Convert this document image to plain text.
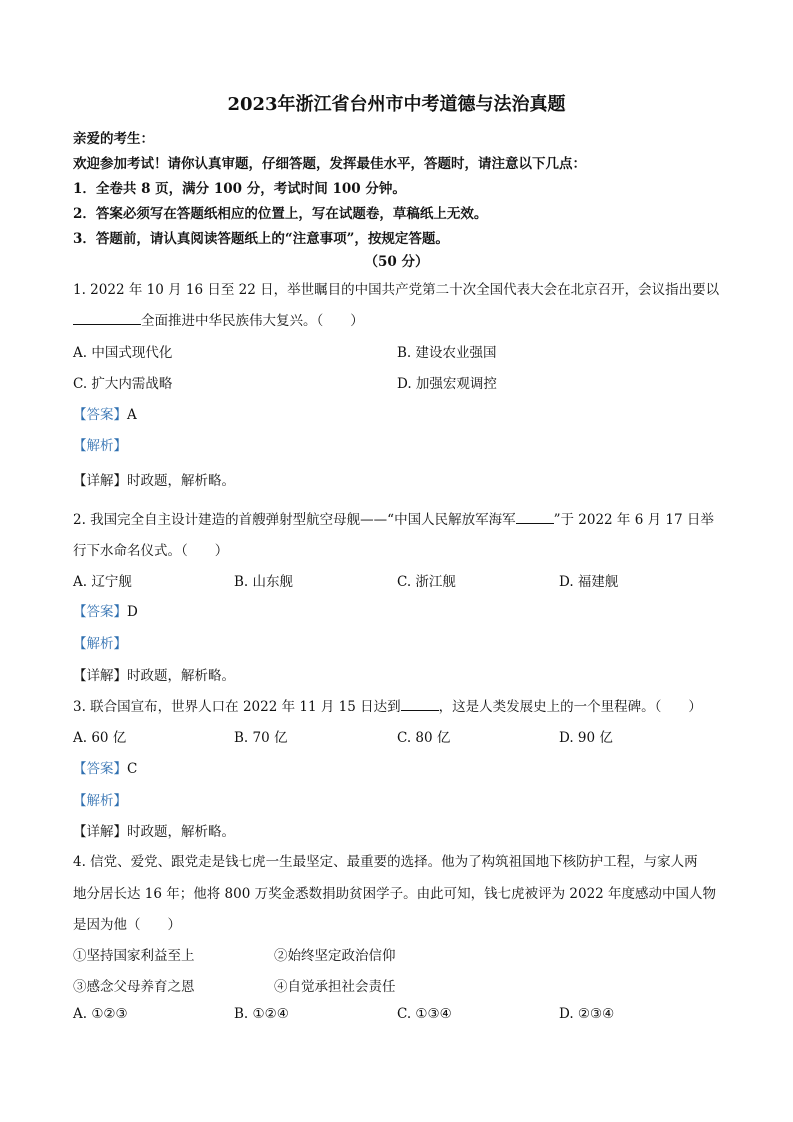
2023年浙江省台州市中考道德与法治真题
亲爱的考生：
欢迎参加考试！请你认真审题，仔细答题，发挥最佳水平，答题时，请注意以下几点：
1．全卷共 8 页，满分 100 分，考试时间 100 分钟。
2．答案必须写在答题纸相应的位置上，写在试题卷，草稿纸上无效。
3．答题前，请认真阅读答题纸上的“注意事项”，按规定答题。
（50 分）
1. 2022 年 10 月 16 日至 22 日，举世瞩目的中国共产党第二十次全国代表大会在北京召开，会议指出要以
全面推进中华民族伟大复兴。（　　）
A. 中国式现代化	B. 建设农业强国
C. 扩大内需战略	D. 加强宏观调控
【答案】A
【解析】
【详解】时政题，解析略。
2. 我国完全自主设计建造的首艘弹射型航空母舰——“中国人民解放军海军	”于 2022 年 6 月 17 日举
行下水命名仪式。（　　）
A. 辽宁舰	B. 山东舰	C. 浙江舰	D. 福建舰
【答案】D
【解析】
【详解】时政题，解析略。
3. 联合国宣布，世界人口在 2022 年 11 月 15 日达到	，这是人类发展史上的一个里程碑。（　　）
A. 60 亿	B. 70 亿	C. 80 亿	D. 90 亿
【答案】C
【解析】
【详解】时政题，解析略。
4. 信党、爱党、跟党走是钱七虎一生最坚定、最重要的选择。他为了构筑祖国地下核防护工程，与家人两
地分居长达 16 年；他将 800 万奖金悉数捐助贫困学子。由此可知，钱七虎被评为 2022 年度感动中国人物
是因为他（　　）
①坚持国家利益至上	②始终坚定政治信仰
③感念父母养育之恩	④自觉承担社会责任
A. ①②③	B. ①②④	C. ①③④	D. ②③④
